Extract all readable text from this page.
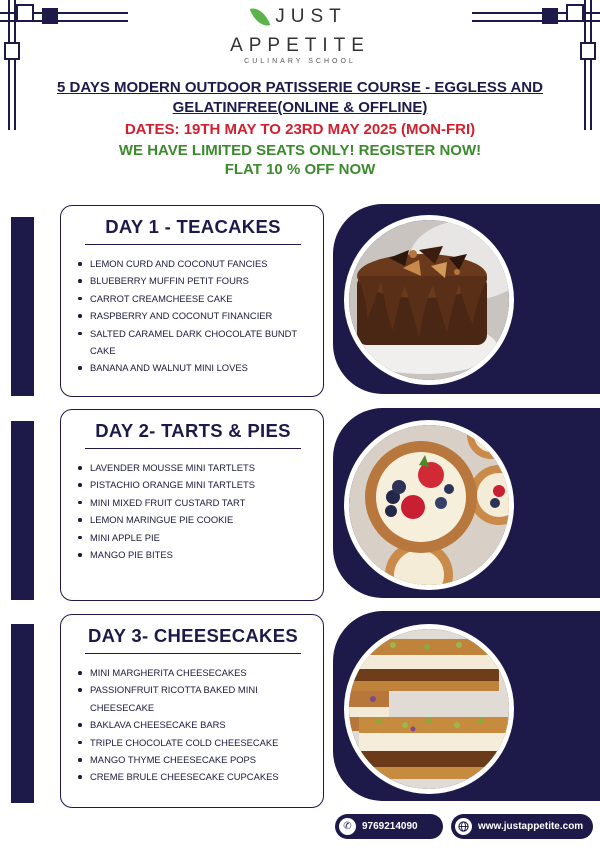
JUST
APPETITE
CULINARY SCHOOL
5 DAYS MODERN OUTDOOR PATISSERIE COURSE - EGGLESS AND GELATINFREE(ONLINE & OFFLINE)
DATES: 19TH MAY TO 23RD MAY 2025 (MON-FRI)
WE HAVE LIMITED SEATS ONLY! REGISTER NOW!
FLAT 10 % OFF NOW
DAY 1 - TEACAKES
LEMON CURD AND COCONUT FANCIES
BLUEBERRY MUFFIN PETIT FOURS
CARROT CREAMCHEESE CAKE
RASPBERRY AND COCONUT FINANCIER
SALTED CARAMEL DARK CHOCOLATE BUNDT CAKE
BANANA AND WALNUT MINI LOVES
DAY 2- TARTS & PIES
LAVENDER MOUSSE MINI TARTLETS
PISTACHIO ORANGE MINI TARTLETS
MINI MIXED FRUIT CUSTARD TART
LEMON MARINGUE PIE COOKIE
MINI APPLE PIE
MANGO PIE BITES
DAY 3- CHEESECAKES
MINI MARGHERITA CHEESECAKES
PASSIONFRUIT RICOTTA BAKED MINI CHEESECAKE
BAKLAVA CHEESECAKE BARS
TRIPLE CHOCOLATE COLD CHEESECAKE
MANGO THYME CHEESECAKE POPS
CREME BRULE CHEESECAKE CUPCAKES
✆	9769214090	www.justappetite.com
